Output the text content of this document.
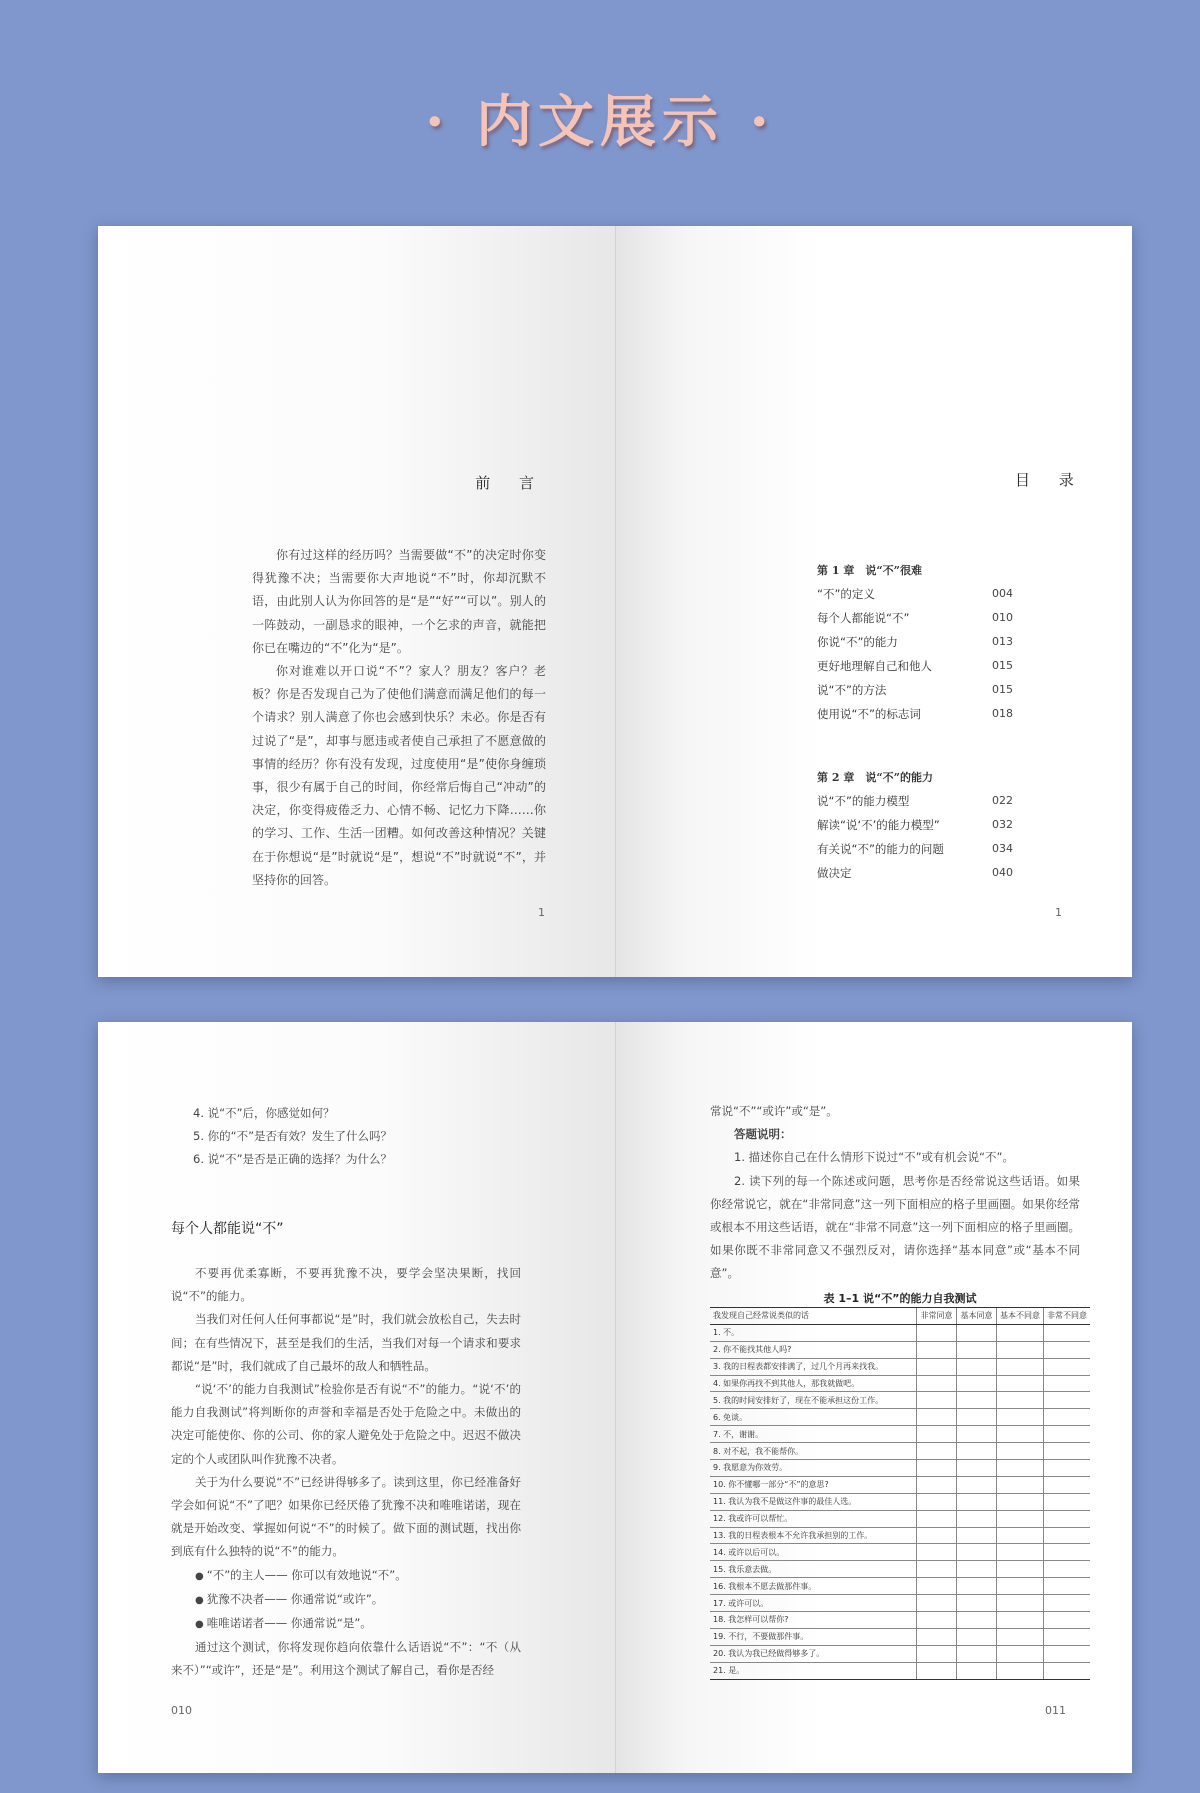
· 内文展示 ·
前 言

你有过这样的经历吗？当需要做“不”的决定时你变得犹豫不决；当需要你大声地说“不”时，你却沉默不语，由此别人认为你回答的是“是”“好”“可以”。别人的一阵鼓动，一副恳求的眼神，一个乞求的声音，就能把你已在嘴边的“不”化为“是”。

你对谁难以开口说“不”？家人？朋友？客户？老板？你是否发现自己为了使他们满意而满足他们的每一个请求？别人满意了你也会感到快乐？未必。你是否有过说了“是”，却事与愿违或者使自己承担了不愿意做的事情的经历？你有没有发现，过度使用“是”使你身缠琐事，很少有属于自己的时间，你经常后悔自己“冲动”的决定，你变得疲倦乏力、心情不畅、记忆力下降……你的学习、工作、生活一团糟。如何改善这种情况？关键在于你想说“是”时就说“是”，想说“不”时就说“不”，并坚持你的回答。

1
目 录
第 1 章　说“不”很难
“不”的定义	004
每个人都能说“不”	010
你说“不”的能力	013
更好地理解自己和他人	015
说“不”的方法	015
使用说“不”的标志词	018
第 2 章　说“不”的能力
说“不”的能力模型	022
解读“说‘不’的能力模型”	032
有关说“不”的能力的问题	034
做决定	040
1
4. 说“不”后，你感觉如何？
5. 你的“不”是否有效？发生了什么吗？
6. 说“不”是否是正确的选择？为什么？
每个人都能说“不”

不要再优柔寡断，不要再犹豫不决，要学会坚决果断，找回说“不”的能力。

当我们对任何人任何事都说“是”时，我们就会放松自己，失去时间；在有些情况下，甚至是我们的生活，当我们对每一个请求和要求都说“是”时，我们就成了自己最坏的敌人和牺牲品。

“说‘不’的能力自我测试”检验你是否有说“不”的能力。“说‘不’的能力自我测试”将判断你的声誉和幸福是否处于危险之中。未做出的决定可能使你、你的公司、你的家人避免处于危险之中。迟迟不做决定的个人或团队叫作犹豫不决者。

关于为什么要说“不”已经讲得够多了。读到这里，你已经准备好学会如何说“不”了吧？如果你已经厌倦了犹豫不决和唯唯诺诺，现在就是开始改变、掌握如何说“不”的时候了。做下面的测试题，找出你到底有什么独特的说“不”的能力。

● “不”的主人—— 你可以有效地说“不”。
● 犹豫不决者—— 你通常说“或许”。
● 唯唯诺诺者—— 你通常说“是”。

通过这个测试，你将发现你趋向依靠什么话语说“不”：“不（从来不）”“或许”，还是“是”。利用这个测试了解自己，看你是否经

010
常说“不”“或许”或“是”。
答题说明：

1. 描述你自己在什么情形下说过“不”或有机会说“不”。

2. 读下列的每一个陈述或问题，思考你是否经常说这些话语。如果你经常说它，就在“非常同意”这一列下面相应的格子里画圈。如果你经常或根本不用这些话语，就在“非常不同意”这一列下面相应的格子里画圈。如果你既不非常同意又不强烈反对，请你选择“基本同意”或“基本不同意”。

表 1–1 说“不”的能力自我测试
我发现自己经常说类似的话	非常同意	基本同意	基本不同意	非常不同意
1. 不。				
2. 你不能找其他人吗?				
3. 我的日程表都安排满了，过几个月再来找我。				
4. 如果你再找不到其他人，那我就做吧。				
5. 我的时间安排好了，现在不能承担这份工作。				
6. 免谈。				
7. 不，谢谢。				
8. 对不起，我不能帮你。				
9. 我愿意为你效劳。				
10. 你不懂哪一部分“不”的意思?				
11. 我认为我不是做这件事的最佳人选。				
12. 我或许可以帮忙。				
13. 我的日程表根本不允许我承担别的工作。				
14. 或许以后可以。				
15. 我乐意去做。				
16. 我根本不愿去做那件事。				
17. 或许可以。				
18. 我怎样可以帮你?				
19. 不行，不要做那件事。				
20. 我认为我已经做得够多了。				
21. 是。				
011
